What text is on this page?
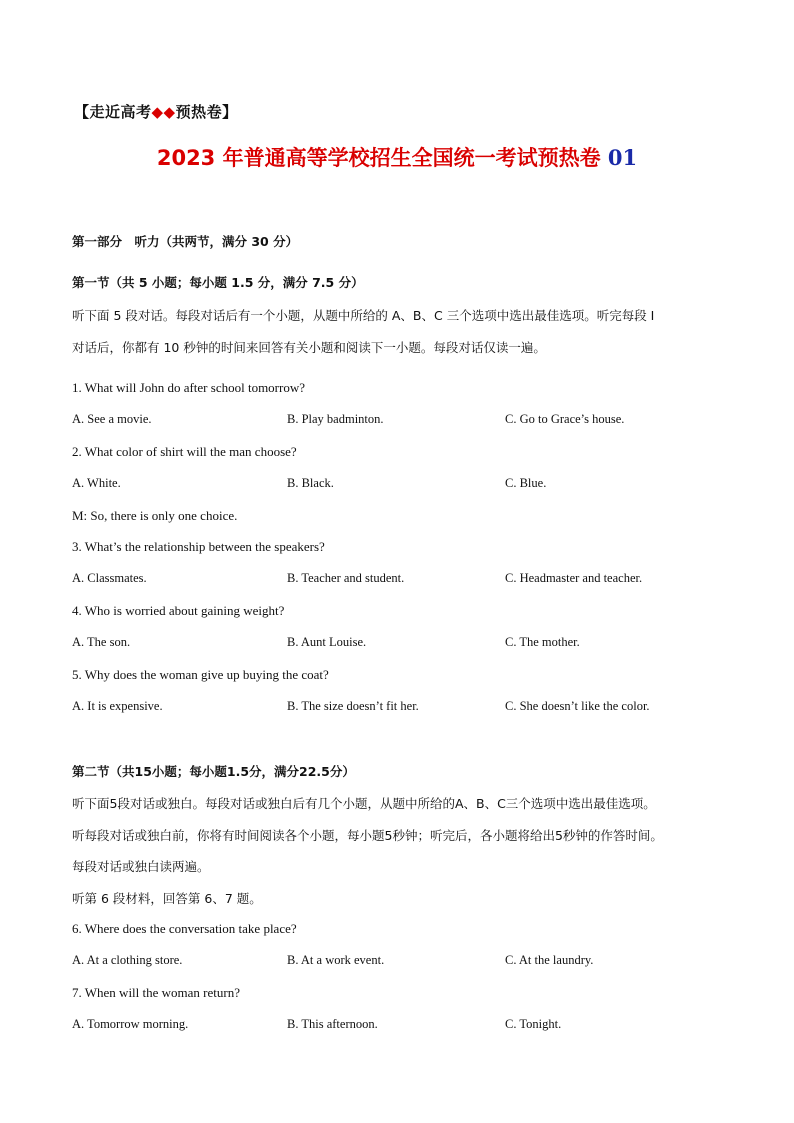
【走近高考◆◆预热卷】
2023 年普通高等学校招生全国统一考试预热卷 01
第一部分　听力（共两节，满分 30 分）
第一节（共 5 小题；每小题 1.5 分，满分 7.5 分）
听下面 5 段对话。每段对话后有一个小题，从题中所给的 A、B、C 三个选项中选出最佳选项。听完每段 I
对话后，你都有 10 秒钟的时间来回答有关小题和阅读下一小题。每段对话仅读一遍。
1. What will John do after school tomorrow?
A. See a movie.	B. Play badminton.	C. Go to Grace’s house.
2. What color of shirt will the man choose?
A. White.	B. Black.	C. Blue.
M: So, there is only one choice.
3. What’s the relationship between the speakers?
A. Classmates.	B. Teacher and student.	C. Headmaster and teacher.
4. Who is worried about gaining weight?
A. The son.	B. Aunt Louise.	C. The mother.
5. Why does the woman give up buying the coat?
A. It is expensive.	B. The size doesn’t fit her.	C. She doesn’t like the color.
第二节（共15小题；每小题1.5分，满分22.5分）
听下面5段对话或独白。每段对话或独白后有几个小题，从题中所给的A、B、C三个选项中选出最佳选项。
听每段对话或独白前，你将有时间阅读各个小题，每小题5秒钟；听完后，各小题将给出5秒钟的作答时间。
每段对话或独白读两遍。
听第 6 段材料，回答第 6、7 题。
6. Where does the conversation take place?
A. At a clothing store.	B. At a work event.	C. At the laundry.
7. When will the woman return?
A. Tomorrow morning.	B. This afternoon.	C. Tonight.
